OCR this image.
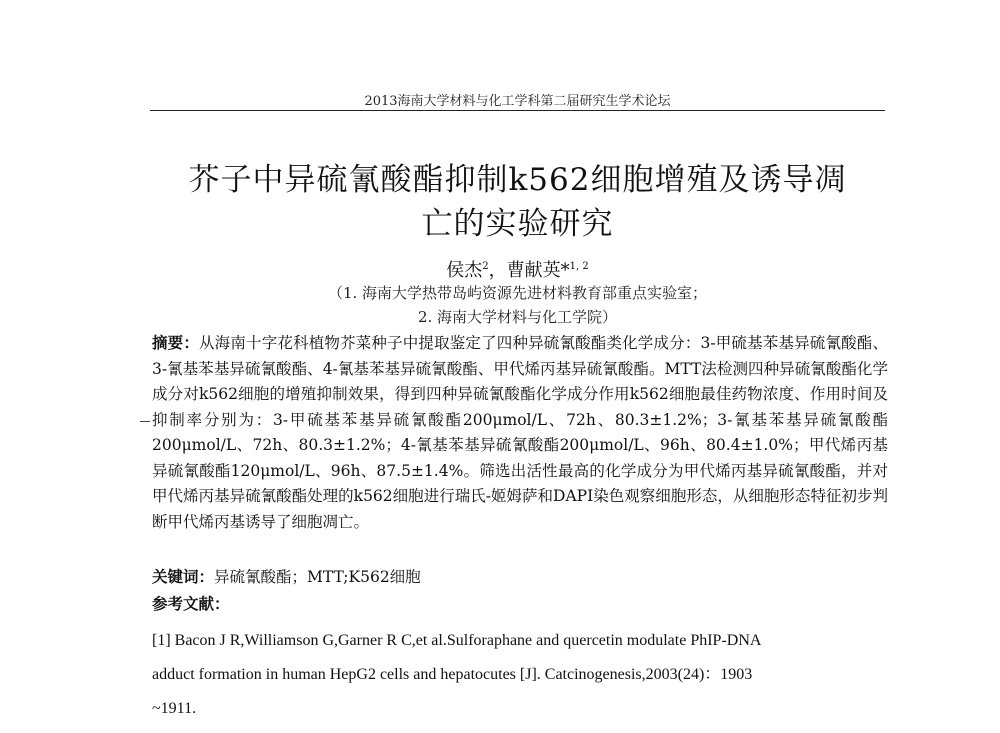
2013海南大学材料与化工学科第二届研究生学术论坛
芥子中异硫氰酸酯抑制k562细胞增殖及诱导凋
亡的实验研究
侯杰$^2$，曹献英*$^{1, 2}$
（1. 海南大学热带岛屿资源先进材料教育部重点实验室；
2. 海南大学材料与化工学院）
摘要：从海南十字花科植物芥菜种子中提取鉴定了四种异硫氰酸酯类化学成分：3-甲硫基苯基异硫氰酸酯、3-氰基苯基异硫氰酸酯、4-氰基苯基异硫氰酸酯、甲代烯丙基异硫氰酸酯。MTT法检测四种异硫氰酸酯化学成分对k562细胞的增殖抑制效果，得到四种异硫氰酸酯化学成分作用k562细胞最佳药物浓度、作用时间及抑制率分别为：3-甲硫基苯基异硫氰酸酯200μmol/L、72h、80.3±1.2%；3-氰基苯基异硫氰酸酯200μmol/L、72h、80.3±1.2%；4-氰基苯基异硫氰酸酯200μmol/L、96h、80.4±1.0%；甲代烯丙基异硫氰酸酯120μmol/L、96h、87.5±1.4%。筛选出活性最高的化学成分为甲代烯丙基异硫氰酸酯，并对甲代烯丙基异硫氰酸酯处理的k562细胞进行瑞氏-姬姆萨和DAPI染色观察细胞形态，从细胞形态特征初步判断甲代烯丙基诱导了细胞凋亡。
关键词：异硫氰酸酯；MTT;K562细胞
参考文献：
[1] Bacon J R,Williamson G,Garner R C,et al.Sulforaphane and quercetin modulate PhIP-DNA
adduct formation in human HepG2 cells and hepatocutes [J]. Catcinogenesis,2003(24)：1903
~1911.
